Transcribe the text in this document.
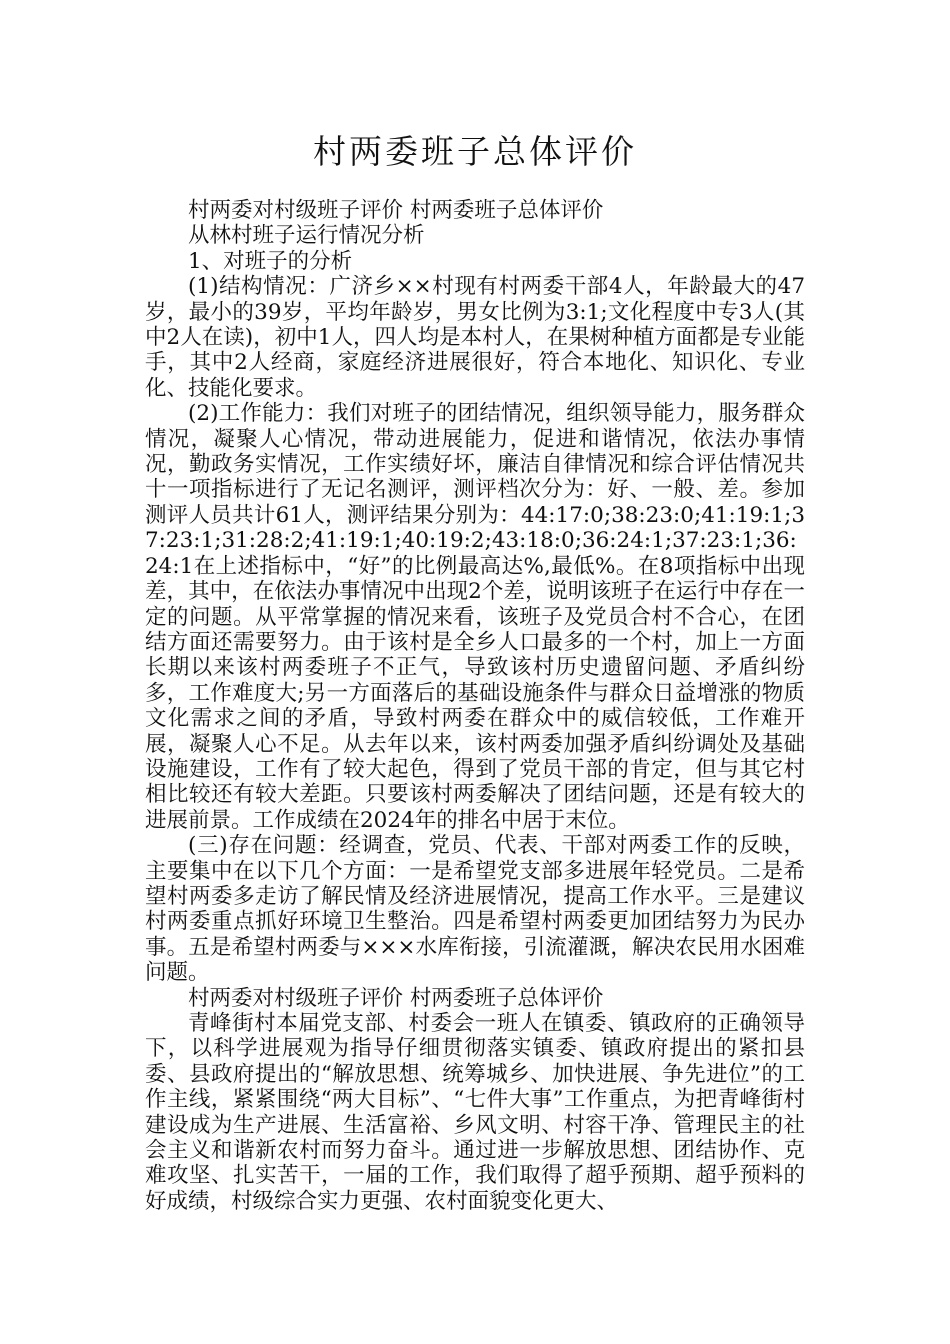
村两委班子总体评价

村两委对村级班子评价 村两委班子总体评价

从林村班子运行情况分析

1、对班子的分析

(1)结构情况：广济乡××村现有村两委干部4人，年龄最大的47岁，最小的39岁，平均年龄岁，男女比例为3:1;文化程度中专3人(其中2人在读)，初中1人，四人均是本村人，在果树种植方面都是专业能手，其中2人经商，家庭经济进展很好，符合本地化、知识化、专业化、技能化要求。

(2)工作能力：我们对班子的团结情况，组织领导能力，服务群众情况，凝聚人心情况，带动进展能力，促进和谐情况，依法办事情况，勤政务实情况，工作实绩好坏，廉洁自律情况和综合评估情况共十一项指标进行了无记名测评，测评档次分为：好、一般、差。参加测评人员共计61人，测评结果分别为：44:17:0;38:23:0;41:19:1;37:23:1;31:28:2;41:19:1;40:19:2;43:18:0;36:24:1;37:23:1;36:24:1在上述指标中，“好”的比例最高达%,最低%。在8项指标中出现差，其中，在依法办事情况中出现2个差，说明该班子在运行中存在一定的问题。从平常掌握的情况来看，该班子及党员合村不合心，在团结方面还需要努力。由于该村是全乡人口最多的一个村，加上一方面长期以来该村两委班子不正气，导致该村历史遗留问题、矛盾纠纷多，工作难度大;另一方面落后的基础设施条件与群众日益增涨的物质文化需求之间的矛盾，导致村两委在群众中的威信较低，工作难开展，凝聚人心不足。从去年以来，该村两委加强矛盾纠纷调处及基础设施建设，工作有了较大起色，得到了党员干部的肯定，但与其它村相比较还有较大差距。只要该村两委解决了团结问题，还是有较大的进展前景。工作成绩在2024年的排名中居于末位。

(三)存在问题：经调查，党员、代表、干部对两委工作的反映，主要集中在以下几个方面：一是希望党支部多进展年轻党员。二是希望村两委多走访了解民情及经济进展情况，提高工作水平。三是建议村两委重点抓好环境卫生整治。四是希望村两委更加团结努力为民办事。五是希望村两委与×××水库衔接，引流灌溉，解决农民用水困难问题。

村两委对村级班子评价 村两委班子总体评价

青峰街村本届党支部、村委会一班人在镇委、镇政府的正确领导下，以科学进展观为指导仔细贯彻落实镇委、镇政府提出的紧扣县委、县政府提出的“解放思想、统筹城乡、加快进展、争先进位”的工作主线，紧紧围绕“两大目标”、“七件大事”工作重点，为把青峰街村建设成为生产进展、生活富裕、乡风文明、村容干净、管理民主的社会主义和谐新农村而努力奋斗。通过进一步解放思想、团结协作、克难攻坚、扎实苦干，一届的工作，我们取得了超乎预期、超乎预料的好成绩，村级综合实力更强、农村面貌变化更大、
